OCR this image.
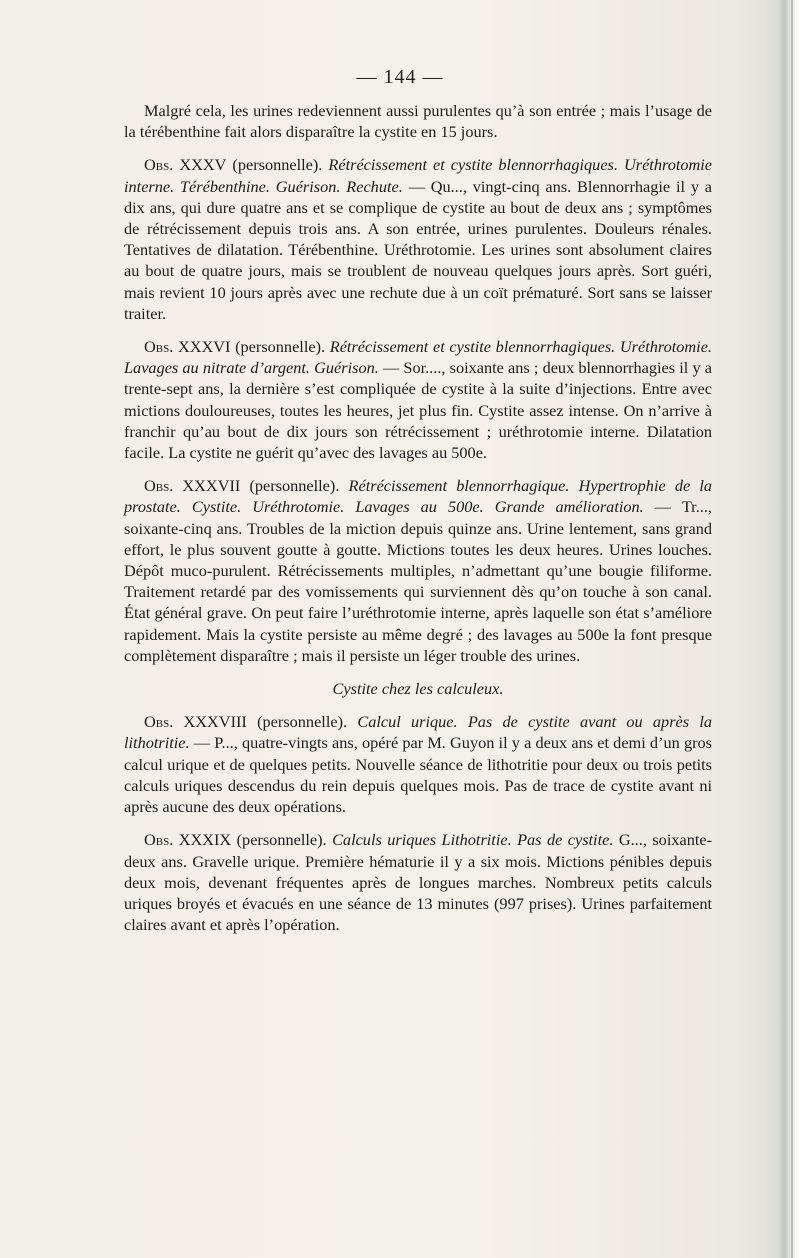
— 144 —

Malgré cela, les urines redeviennent aussi purulentes qu’à son entrée ; mais l’usage de la térébenthine fait alors disparaître la cystite en 15 jours.

Obs. XXXV (personnelle). Rétrécissement et cystite blennorrhagiques. Uréthrotomie interne. Térébenthine. Guérison. Rechute. — Qu..., vingt-cinq ans. Blennorrhagie il y a dix ans, qui dure quatre ans et se complique de cystite au bout de deux ans ; symptômes de rétrécissement depuis trois ans. A son entrée, urines purulentes. Douleurs rénales. Tentatives de dilatation. Térébenthine. Uréthrotomie. Les urines sont absolument claires au bout de quatre jours, mais se troublent de nouveau quelques jours après. Sort guéri, mais revient 10 jours après avec une rechute due à un coït prématuré. Sort sans se laisser traiter.

Obs. XXXVI (personnelle). Rétrécissement et cystite blennorrhagiques. Uréthrotomie. Lavages au nitrate d’argent. Guérison. — Sor...., soixante ans ; deux blennorrhagies il y a trente-sept ans, la dernière s’est compliquée de cystite à la suite d’injections. Entre avec mictions douloureuses, toutes les heures, jet plus fin. Cystite assez intense. On n’arrive à franchir qu’au bout de dix jours son rétrécissement ; uréthrotomie interne. Dilatation facile. La cystite ne guérit qu’avec des lavages au 500e.

Obs. XXXVII (personnelle). Rétrécissement blennorrhagique. Hypertrophie de la prostate. Cystite. Uréthrotomie. Lavages au 500e. Grande amélioration. — Tr..., soixante-cinq ans. Troubles de la miction depuis quinze ans. Urine lentement, sans grand effort, le plus souvent goutte à goutte. Mictions toutes les deux heures. Urines louches. Dépôt muco-purulent. Rétrécissements multiples, n’admettant qu’une bougie filiforme. Traitement retardé par des vomissements qui surviennent dès qu’on touche à son canal. État général grave. On peut faire l’uréthrotomie interne, après laquelle son état s’améliore rapidement. Mais la cystite persiste au même degré ; des lavages au 500e la font presque complètement disparaître ; mais il persiste un léger trouble des urines.

Cystite chez les calculeux.

Obs. XXXVIII (personnelle). Calcul urique. Pas de cystite avant ou après la lithotritie. — P..., quatre-vingts ans, opéré par M. Guyon il y a deux ans et demi d’un gros calcul urique et de quelques petits. Nouvelle séance de lithotritie pour deux ou trois petits calculs uriques descendus du rein depuis quelques mois. Pas de trace de cystite avant ni après aucune des deux opérations.

Obs. XXXIX (personnelle). Calculs uriques Lithotritie. Pas de cystite. G..., soixante-deux ans. Gravelle urique. Première hématurie il y a six mois. Mictions pénibles depuis deux mois, devenant fréquentes après de longues marches. Nombreux petits calculs uriques broyés et évacués en une séance de 13 minutes (997 prises). Urines parfaitement claires avant et après l’opération.
